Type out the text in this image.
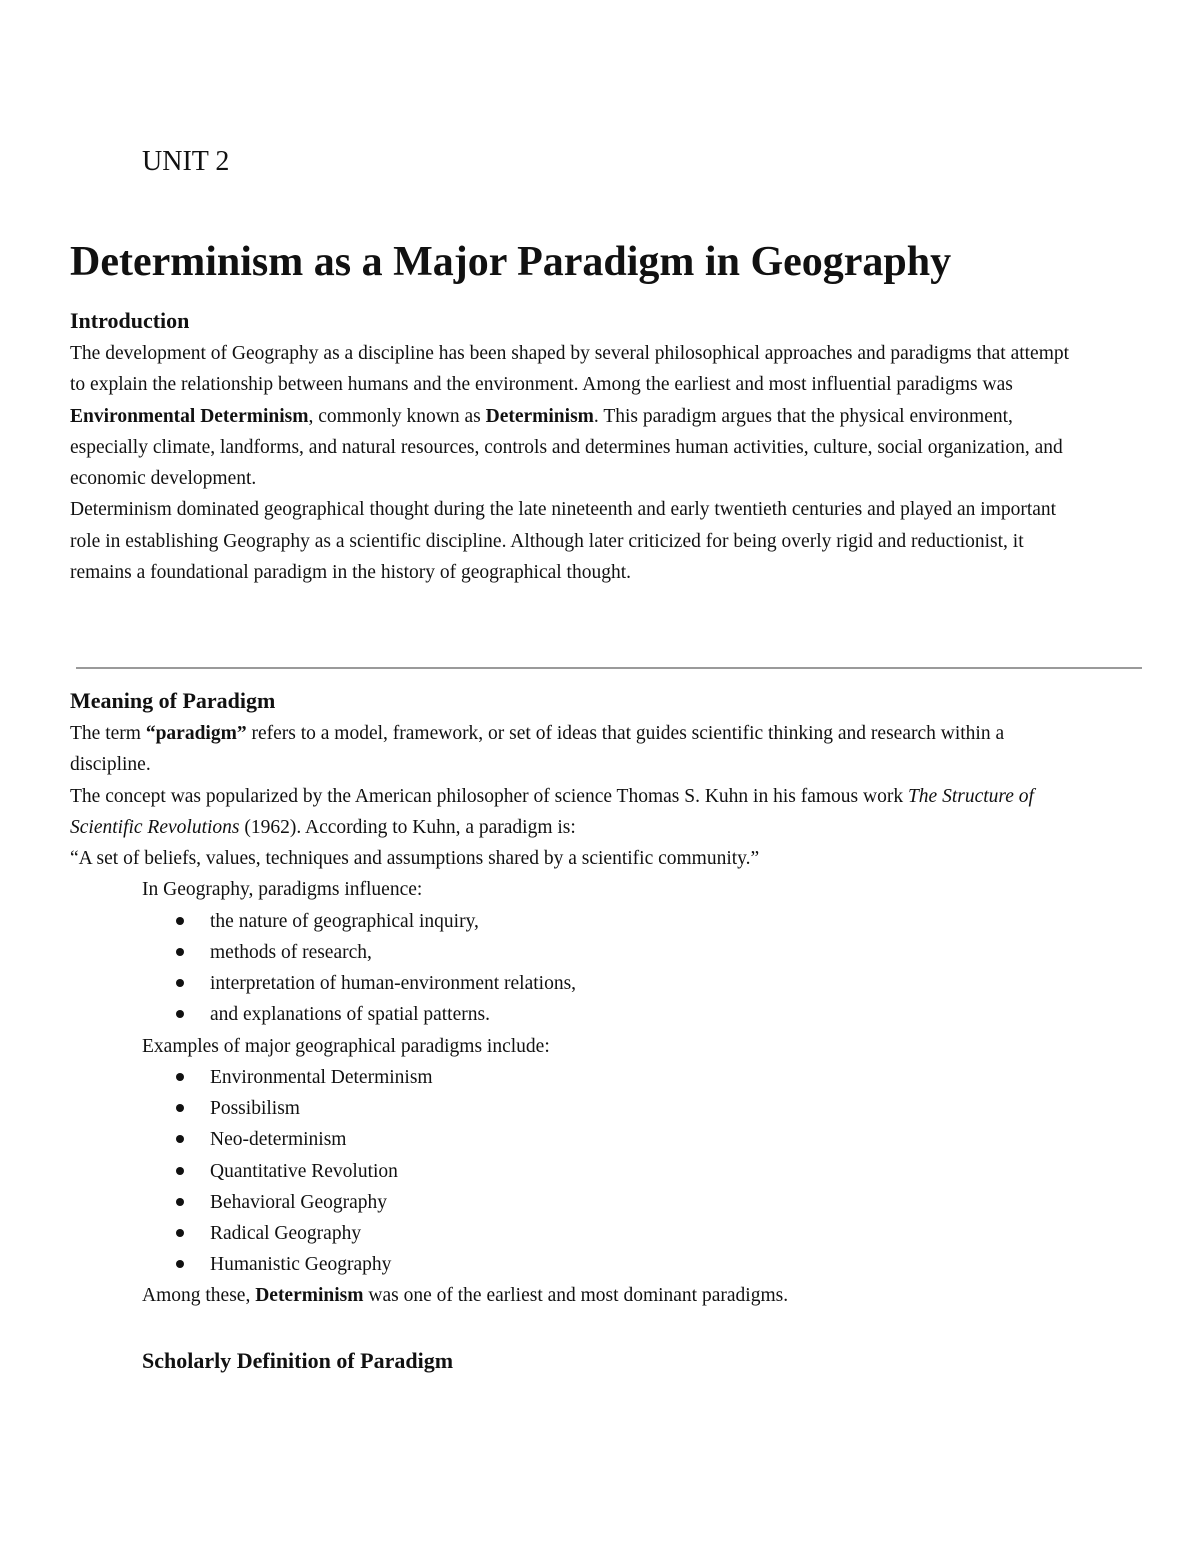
UNIT 2
Determinism as a Major Paradigm in Geography
Introduction

The development of Geography as a discipline has been shaped by several philosophical approaches and paradigms that attempt to explain the relationship between humans and the environment. Among the earliest and most influential paradigms was Environmental Determinism, commonly known as Determinism. This paradigm argues that the physical environment, especially climate, landforms, and natural resources, controls and determines human activities, culture, social organization, and economic development.

Determinism dominated geographical thought during the late nineteenth and early twentieth centuries and played an important role in establishing Geography as a scientific discipline. Although later criticized for being overly rigid and reductionist, it remains a foundational paradigm in the history of geographical thought.

Meaning of Paradigm

The term “paradigm” refers to a model, framework, or set of ideas that guides scientific thinking and research within a discipline.

The concept was popularized by the American philosopher of science Thomas S. Kuhn in his famous work The Structure of Scientific Revolutions (1962). According to Kuhn, a paradigm is:

“A set of beliefs, values, techniques and assumptions shared by a scientific community.”

In Geography, paradigms influence:

the nature of geographical inquiry,
methods of research,
interpretation of human-environment relations,
and explanations of spatial patterns.

Examples of major geographical paradigms include:

Environmental Determinism
Possibilism
Neo-determinism
Quantitative Revolution
Behavioral Geography
Radical Geography
Humanistic Geography

Among these, Determinism was one of the earliest and most dominant paradigms.

Scholarly Definition of Paradigm
